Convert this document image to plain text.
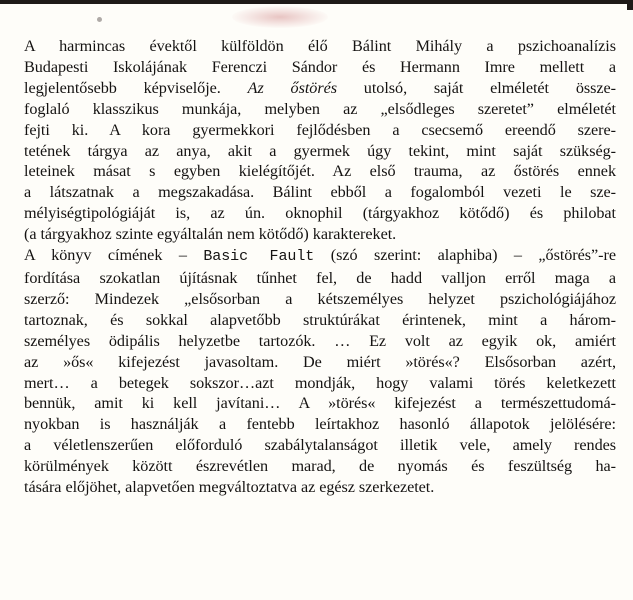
A harmincas évektől külföldön élő Bálint Mihály a pszichoanalízis
Budapesti Iskolájának Ferenczi Sándor és Hermann Imre mellett a
legjelentősebb képviselője. Az őstörés utolsó, saját elméletét össze-
foglaló klasszikus munkája, melyben az „elsődleges szeretet” elméletét
fejti ki. A kora gyermekkori fejlődésben a csecsemő ereendő szere-
tetének tárgya az anya, akit a gyermek úgy tekint, mint saját szükség-
leteinek másat s egyben kielégítőjét. Az első trauma, az őstörés ennek
a látszatnak a megszakadása. Bálint ebből a fogalomból vezeti le sze-
mélyiségtipológiáját is, az ún. oknophil (tárgyakhoz kötődő) és philobat
(a tárgyakhoz szinte egyáltalán nem kötődő) karaktereket.
A könyv címének – Basic Fault (szó szerint: alaphiba) – „őstörés”-re
fordítása szokatlan újításnak tűnhet fel, de hadd valljon erről maga a
szerző: Mindezek „elsősorban a kétszemélyes helyzet pszichológiájához
tartoznak, és sokkal alapvetőbb struktúrákat érintenek, mint a három-
személyes ödipális helyzetbe tartozók. … Ez volt az egyik ok, amiért
az »ős« kifejezést javasoltam. De miért »törés«? Elsősorban azért,
mert… a betegek sokszor…azt mondják, hogy valami törés keletkezett
bennük, amit ki kell javítani… A »törés« kifejezést a természettudomá-
nyokban is használják a fentebb leírtakhoz hasonló állapotok jelölésére:
a véletlenszerűen előforduló szabálytalanságot illetik vele, amely rendes
körülmények között észrevétlen marad, de nyomás és feszültség ha-
tására előjöhet, alapvetően megváltoztatva az egész szerkezetet.
